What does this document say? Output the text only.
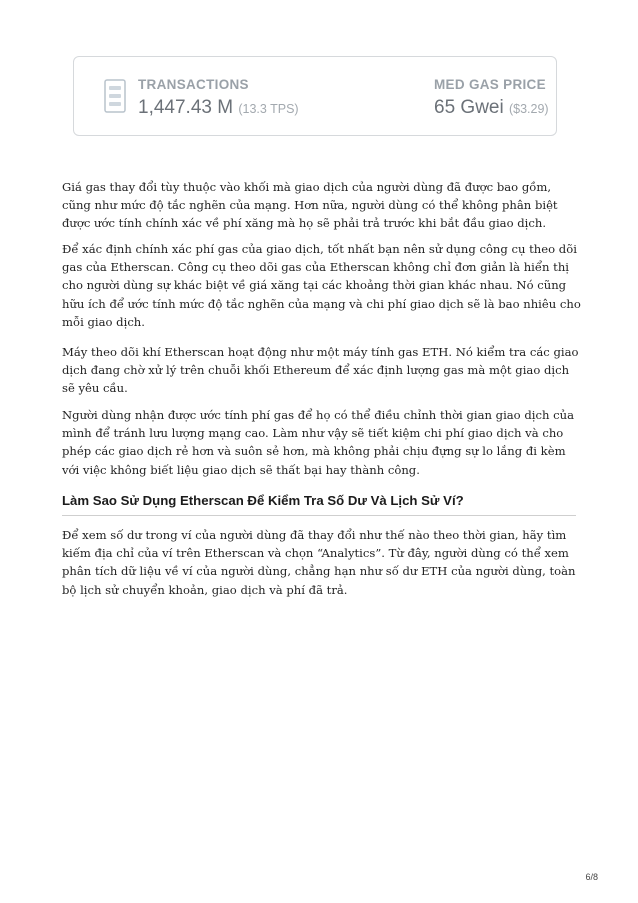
TRANSACTIONS
1,447.43 M (13.3 TPS)
MED GAS PRICE
65 Gwei ($3.29)

Giá gas thay đổi tùy thuộc vào khối mà giao dịch của người dùng đã được bao gồm, cũng như mức độ tắc nghẽn của mạng. Hơn nữa, người dùng có thể không phân biệt được ước tính chính xác về phí xăng mà họ sẽ phải trả trước khi bắt đầu giao dịch.

Để xác định chính xác phí gas của giao dịch, tốt nhất bạn nên sử dụng công cụ theo dõi gas của Etherscan. Công cụ theo dõi gas của Etherscan không chỉ đơn giản là hiển thị cho người dùng sự khác biệt về giá xăng tại các khoảng thời gian khác nhau. Nó cũng hữu ích để ước tính mức độ tắc nghẽn của mạng và chi phí giao dịch sẽ là bao nhiêu cho mỗi giao dịch.

Máy theo dõi khí Etherscan hoạt động như một máy tính gas ETH. Nó kiểm tra các giao dịch đang chờ xử lý trên chuỗi khối Ethereum để xác định lượng gas mà một giao dịch sẽ yêu cầu.

Người dùng nhận được ước tính phí gas để họ có thể điều chỉnh thời gian giao dịch của mình để tránh lưu lượng mạng cao. Làm như vậy sẽ tiết kiệm chi phí giao dịch và cho phép các giao dịch rẻ hơn và suôn sẻ hơn, mà không phải chịu đựng sự lo lắng đi kèm với việc không biết liệu giao dịch sẽ thất bại hay thành công.

Làm Sao Sử Dụng Etherscan Để Kiểm Tra Số Dư Và Lịch Sử Ví?

Để xem số dư trong ví của người dùng đã thay đổi như thế nào theo thời gian, hãy tìm kiếm địa chỉ của ví trên Etherscan và chọn “Analytics”. Từ đây, người dùng có thể xem phân tích dữ liệu về ví của người dùng, chẳng hạn như số dư ETH của người dùng, toàn bộ lịch sử chuyển khoản, giao dịch và phí đã trả.

6/8
